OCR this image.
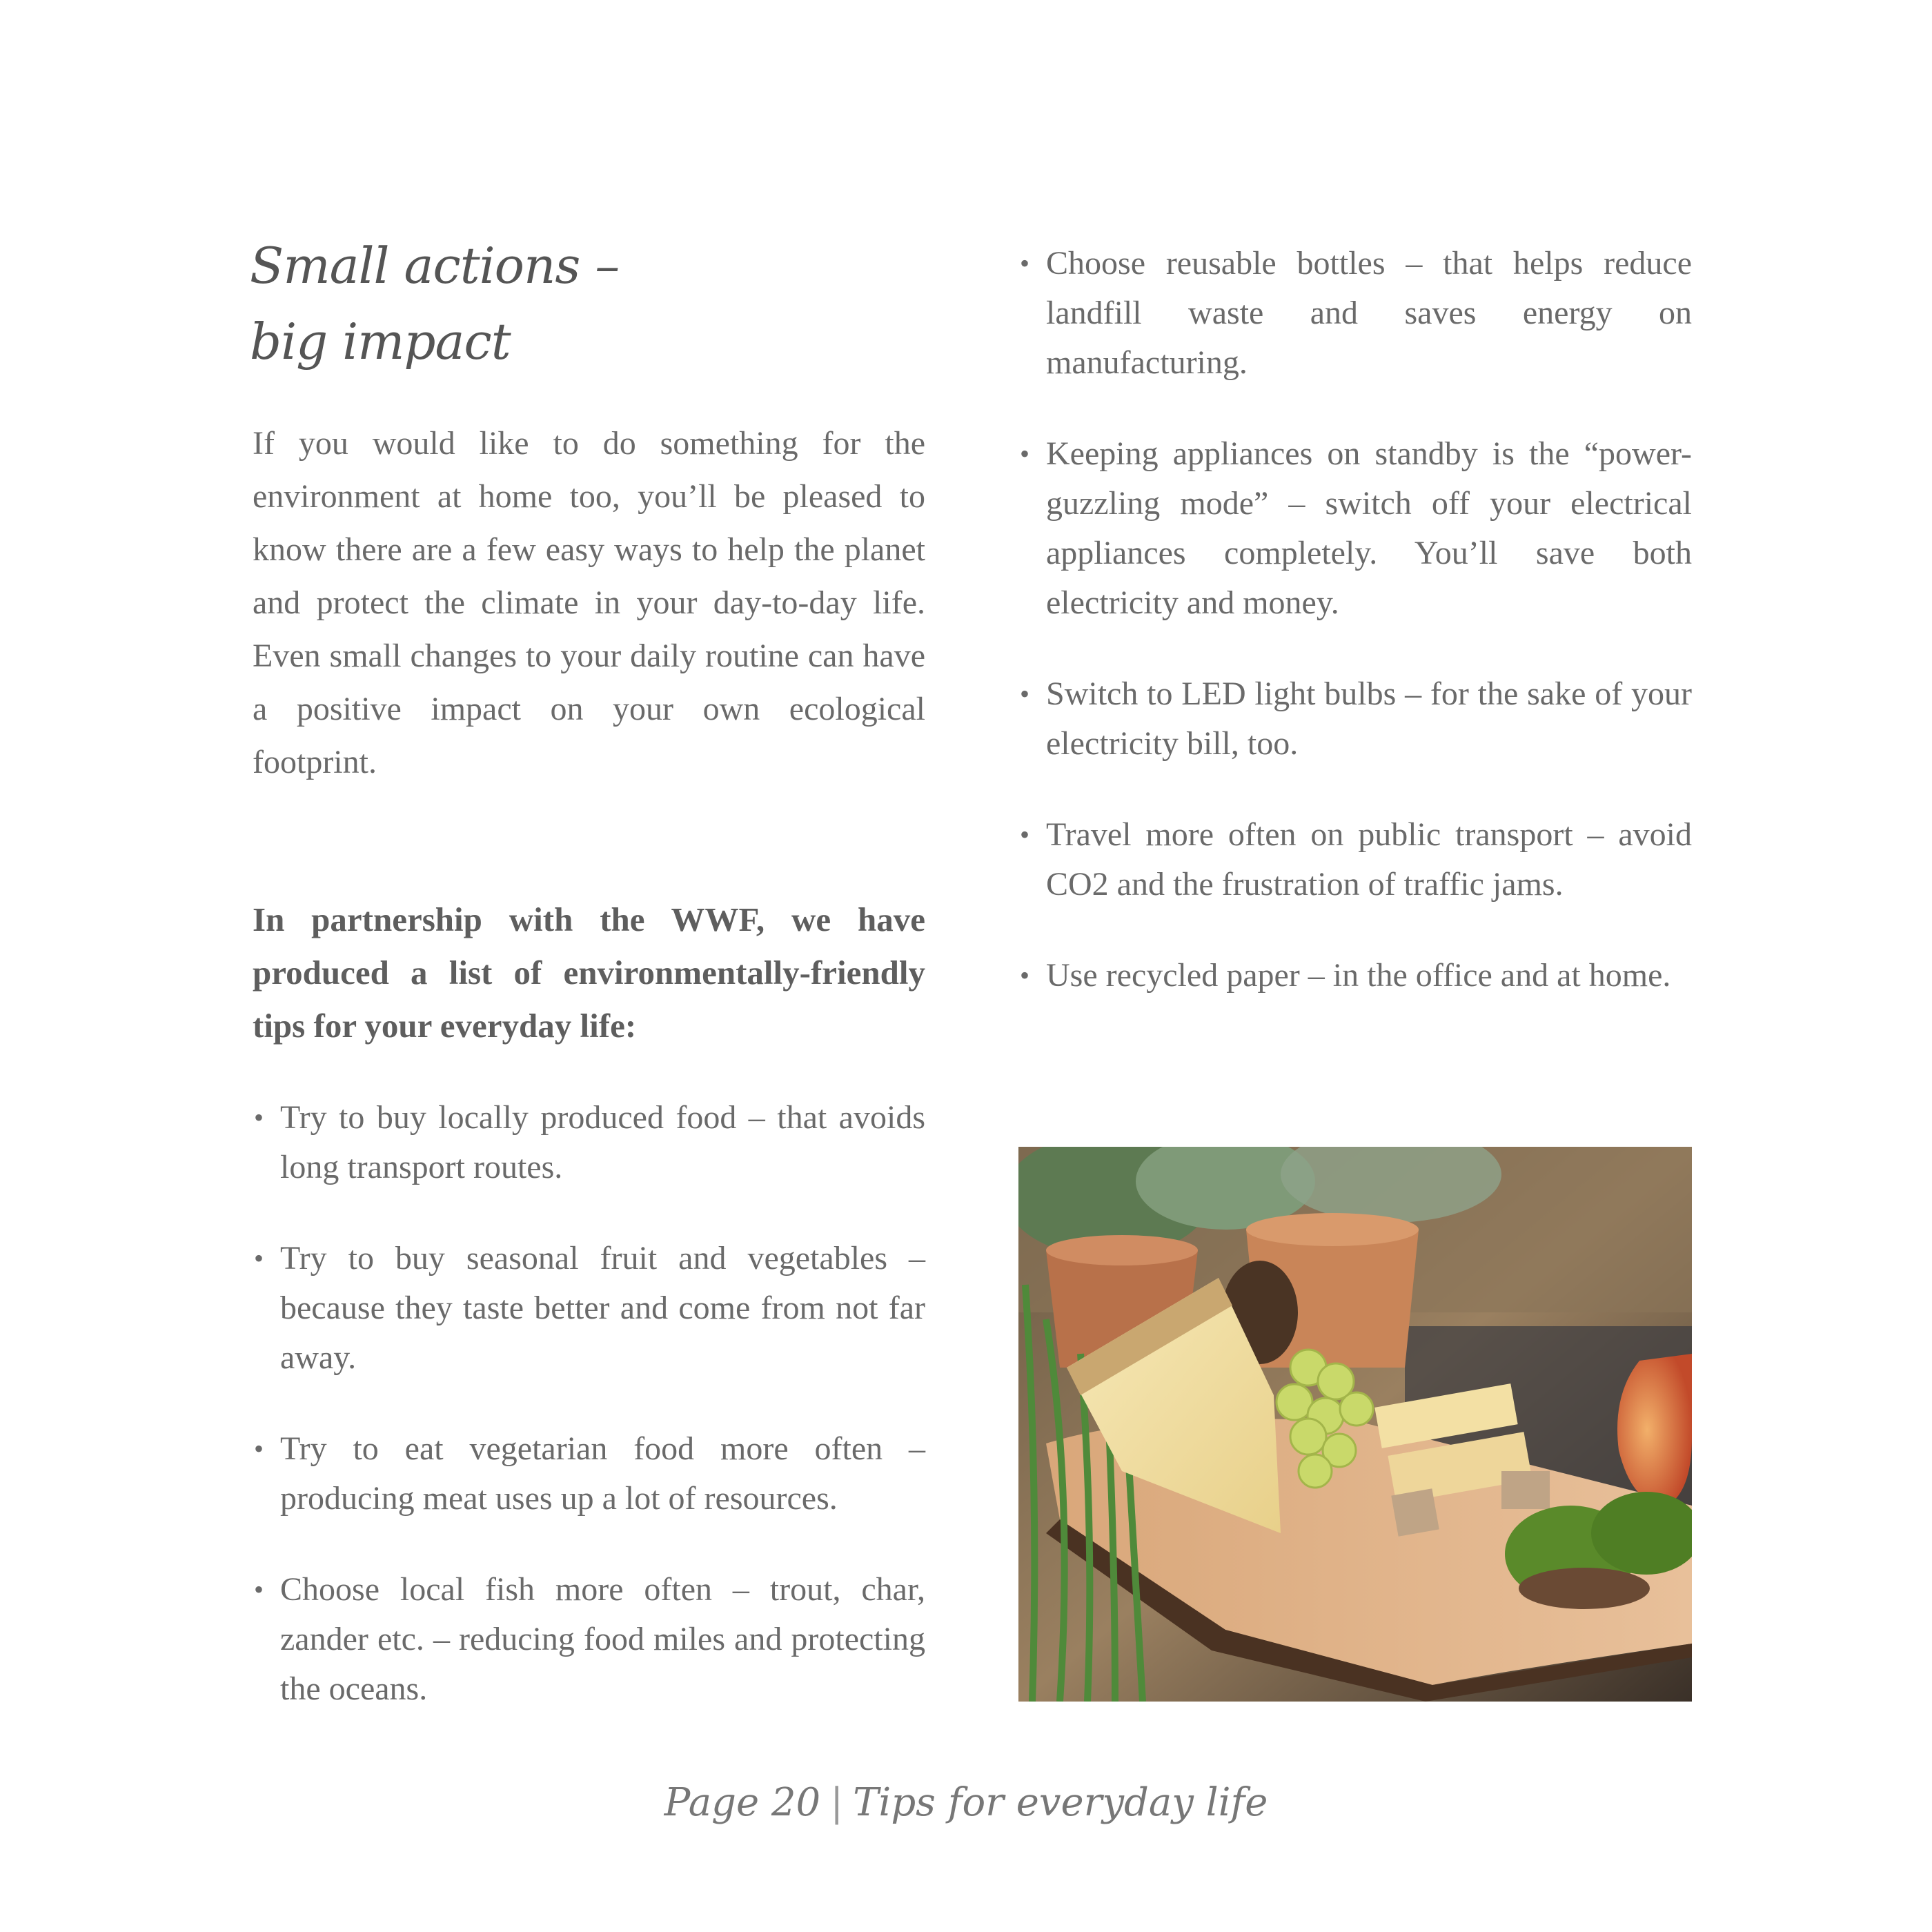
Small actions –
big impact

If you would like to do something for the environment at home too, you’ll be pleased to know there are a few easy ways to help the planet and protect the climate in your day-to-day life. Even small changes to your daily routine can have a positive impact on your own ecological footprint.

In partnership with the WWF, we have produced a list of environmentally-friendly tips for your everyday life:

• Try to buy locally produced food – that avoids long transport routes.
• Try to buy seasonal fruit and vegetables – because they taste better and come from not far away.
• Try to eat vegetarian food more often – producing meat uses up a lot of resources.
• Choose local fish more often – trout, char, zander etc. – reducing food miles and protecting the oceans.
• Choose reusable bottles – that helps reduce landfill waste and saves energy on manufacturing.
• Keeping appliances on standby is the “power-guzzling mode” – switch off your electrical appliances completely. You’ll save both electricity and money.
• Switch to LED light bulbs – for the sake of your electricity bill, too.
• Travel more often on public transport – avoid CO2 and the frustration of traffic jams.
• Use recycled paper – in the office and at home.
Page 20 | Tips for everyday life
